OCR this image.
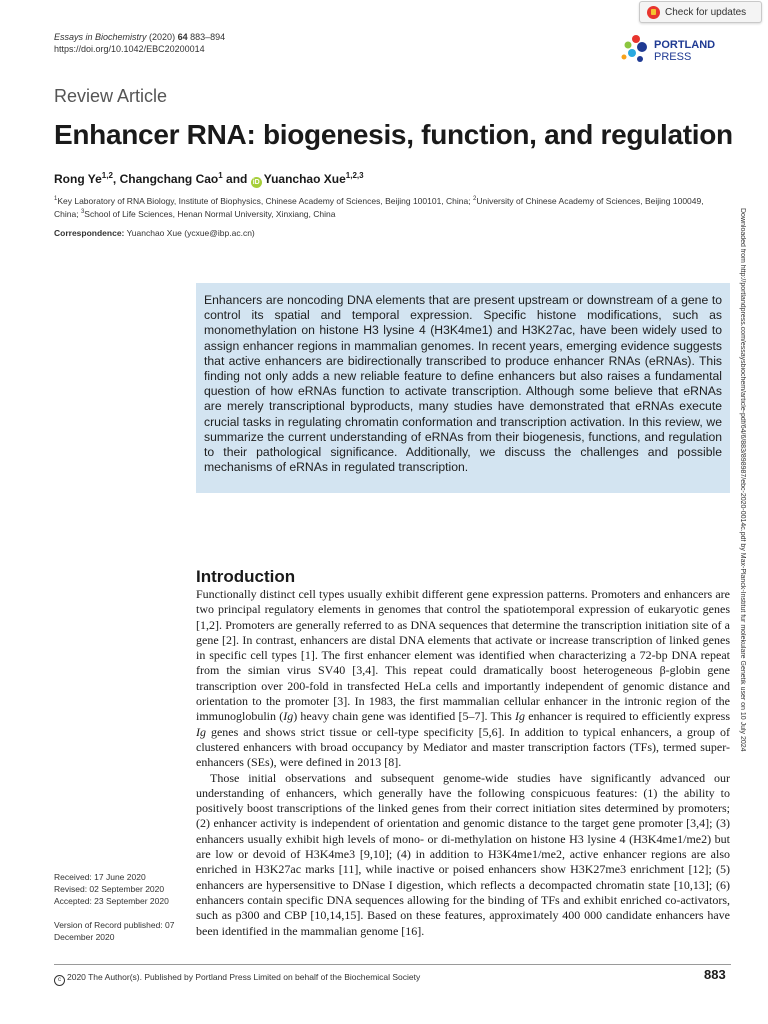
Essays in Biochemistry (2020) 64 883–894
https://doi.org/10.1042/EBC20200014
Check for updates
PORTLAND
PRESS
Review Article
Enhancer RNA: biogenesis, function, and regulation
Rong Ye$^{1,2}$, Changchang Cao$^1$ and iD Yuanchao Xue$^{1,2,3}$
$^1$Key Laboratory of RNA Biology, Institute of Biophysics, Chinese Academy of Sciences, Beijing 100101, China; $^2$University of Chinese Academy of Sciences, Beijing 100049, China; $^3$School of Life Sciences, Henan Normal University, Xinxiang, China
Correspondence: Yuanchao Xue (ycxue@ibp.ac.cn)
Enhancers are noncoding DNA elements that are present upstream or downstream of a gene to control its spatial and temporal expression. Specific histone modifications, such as monomethylation on histone H3 lysine 4 (H3K4me1) and H3K27ac, have been widely used to assign enhancer regions in mammalian genomes. In recent years, emerging evidence suggests that active enhancers are bidirectionally transcribed to produce enhancer RNAs (eRNAs). This finding not only adds a new reliable feature to define enhancers but also raises a fundamental question of how eRNAs function to activate transcription. Although some believe that eRNAs are merely transcriptional byproducts, many studies have demonstrated that eRNAs execute crucial tasks in regulating chromatin conformation and transcription activation. In this review, we summarize the current understanding of eRNAs from their biogenesis, functions, and regulation to their pathological significance. Additionally, we discuss the challenges and possible mechanisms of eRNAs in regulated transcription.
Introduction

Functionally distinct cell types usually exhibit different gene expression patterns. Promoters and enhancers are two principal regulatory elements in genomes that control the spatiotemporal expression of eukaryotic genes [1,2]. Promoters are generally referred to as DNA sequences that determine the transcription initiation site of a gene [2]. In contrast, enhancers are distal DNA elements that activate or increase transcription of linked genes in specific cell types [1]. The first enhancer element was identified when characterizing a 72-bp DNA repeat from the simian virus SV40 [3,4]. This repeat could dramatically boost heterogeneous β-globin gene transcription over 200-fold in transfected HeLa cells and importantly independent of genomic distance and orientation to the promoter [3]. In 1983, the first mammalian cellular enhancer in the intronic region of the immunoglobulin (Ig) heavy chain gene was identified [5–7]. This Ig enhancer is required to efficiently express Ig genes and shows strict tissue or cell-type specificity [5,6]. In addition to typical enhancers, a group of clustered enhancers with broad occupancy by Mediator and master transcription factors (TFs), termed super-enhancers (SEs), were defined in 2013 [8].

Those initial observations and subsequent genome-wide studies have significantly advanced our understanding of enhancers, which generally have the following conspicuous features: (1) the ability to positively boost transcriptions of the linked genes from their correct initiation sites determined by promoters; (2) enhancer activity is independent of orientation and genomic distance to the target gene promoter [3,4]; (3) enhancers usually exhibit high levels of mono- or di-methylation on histone H3 lysine 4 (H3K4me1/me2) but are low or devoid of H3K4me3 [9,10]; (4) in addition to H3K4me1/me2, active enhancer regions are also enriched in H3K27ac marks [11], while inactive or poised enhancers show H3K27me3 enrichment [12]; (5) enhancers are hypersensitive to DNase I digestion, which reflects a decompacted chromatin state [10,13]; (6) enhancers contain specific DNA sequences allowing for the binding of TFs and exhibit enriched co-activators, such as p300 and CBP [10,14,15]. Based on these features, approximately 400 000 candidate enhancers have been identified in the mammalian genome [16].

Received: 17 June 2020
Revised: 02 September 2020
Accepted: 23 September 2020
Version of Record published: 07 December 2020
c 2020 The Author(s). Published by Portland Press Limited on behalf of the Biochemical Society	883
Downloaded from http://portlandpress.com/essaysbiochem/article-pdf/64/6/883/898987/ebc-2020-0014c.pdf by Max-Planck-Institut fur molekulare Genetik user on 10 July 2024
